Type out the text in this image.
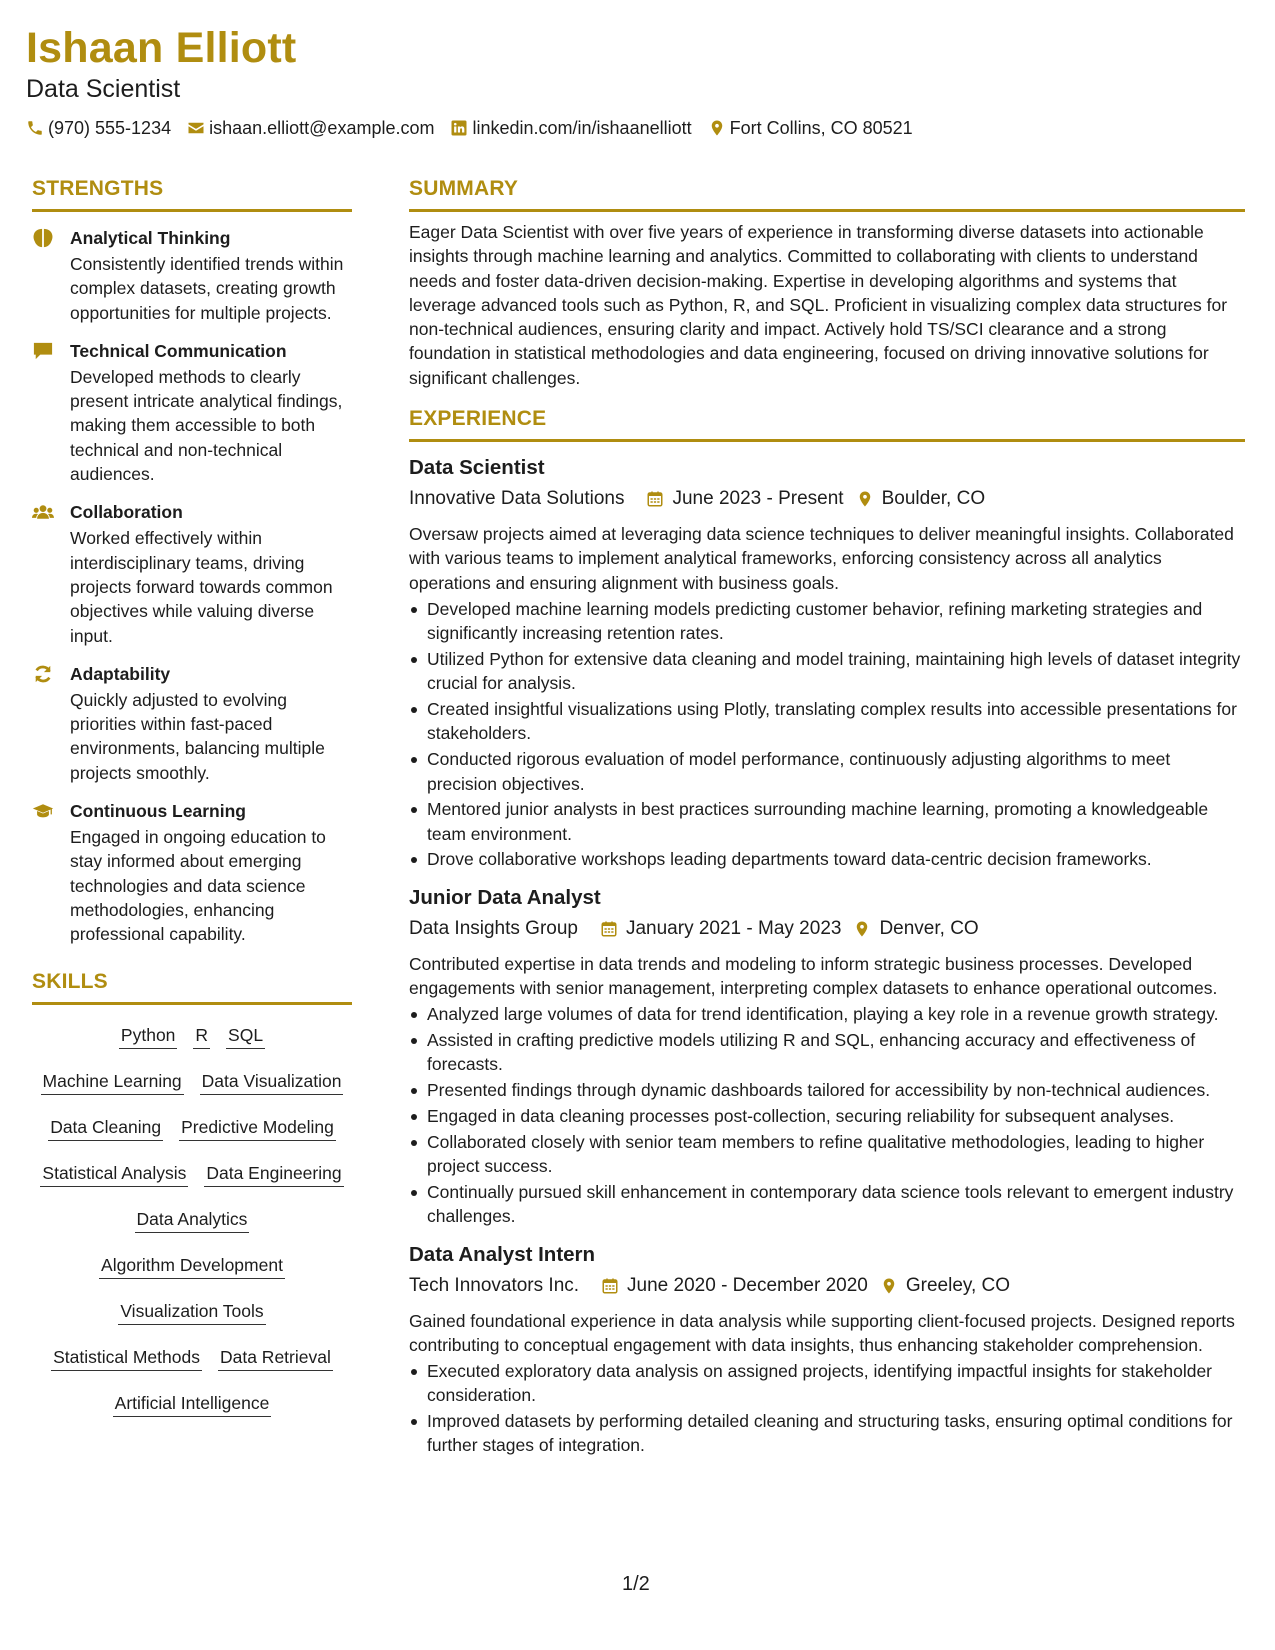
Ishaan Elliott
Data Scientist
(970) 555-1234 ishaan.elliott@example.com linkedin.com/in/ishaanelliott Fort Collins, CO 80521
STRENGTHS
Analytical Thinking
Consistently identified trends within complex datasets, creating growth opportunities for multiple projects.
Technical Communication
Developed methods to clearly present intricate analytical findings, making them accessible to both technical and non-technical audiences.
Collaboration
Worked effectively within interdisciplinary teams, driving projects forward towards common objectives while valuing diverse input.
Adaptability
Quickly adjusted to evolving priorities within fast-paced environments, balancing multiple projects smoothly.
Continuous Learning
Engaged in ongoing education to stay informed about emerging technologies and data science methodologies, enhancing professional capability.
SKILLS
Python R SQL
Machine Learning Data Visualization
Data Cleaning Predictive Modeling
Statistical Analysis Data Engineering
Data Analytics
Algorithm Development
Visualization Tools
Statistical Methods Data Retrieval
Artificial Intelligence
SUMMARY
Eager Data Scientist with over five years of experience in transforming diverse datasets into actionable insights through machine learning and analytics. Committed to collaborating with clients to understand needs and foster data-driven decision-making. Expertise in developing algorithms and systems that leverage advanced tools such as Python, R, and SQL. Proficient in visualizing complex data structures for non-technical audiences, ensuring clarity and impact. Actively hold TS/SCI clearance and a strong foundation in statistical methodologies and data engineering, focused on driving innovative solutions for significant challenges.
EXPERIENCE
Data Scientist
Innovative Data Solutions	June 2023 - Present Boulder, CO
Oversaw projects aimed at leveraging data science techniques to deliver meaningful insights. Collaborated with various teams to implement analytical frameworks, enforcing consistency across all analytics operations and ensuring alignment with business goals.
Developed machine learning models predicting customer behavior, refining marketing strategies and significantly increasing retention rates.
Utilized Python for extensive data cleaning and model training, maintaining high levels of dataset integrity crucial for analysis.
Created insightful visualizations using Plotly, translating complex results into accessible presentations for stakeholders.
Conducted rigorous evaluation of model performance, continuously adjusting algorithms to meet precision objectives.
Mentored junior analysts in best practices surrounding machine learning, promoting a knowledgeable team environment.
Drove collaborative workshops leading departments toward data-centric decision frameworks.
Junior Data Analyst
Data Insights Group	January 2021 - May 2023 Denver, CO
Contributed expertise in data trends and modeling to inform strategic business processes. Developed engagements with senior management, interpreting complex datasets to enhance operational outcomes.
Analyzed large volumes of data for trend identification, playing a key role in a revenue growth strategy.
Assisted in crafting predictive models utilizing R and SQL, enhancing accuracy and effectiveness of forecasts.
Presented findings through dynamic dashboards tailored for accessibility by non-technical audiences.
Engaged in data cleaning processes post-collection, securing reliability for subsequent analyses.
Collaborated closely with senior team members to refine qualitative methodologies, leading to higher project success.
Continually pursued skill enhancement in contemporary data science tools relevant to emergent industry challenges.
Data Analyst Intern
Tech Innovators Inc.	June 2020 - December 2020 Greeley, CO
Gained foundational experience in data analysis while supporting client-focused projects. Designed reports contributing to conceptual engagement with data insights, thus enhancing stakeholder comprehension.
Executed exploratory data analysis on assigned projects, identifying impactful insights for stakeholder consideration.
Improved datasets by performing detailed cleaning and structuring tasks, ensuring optimal conditions for further stages of integration.
1/2
